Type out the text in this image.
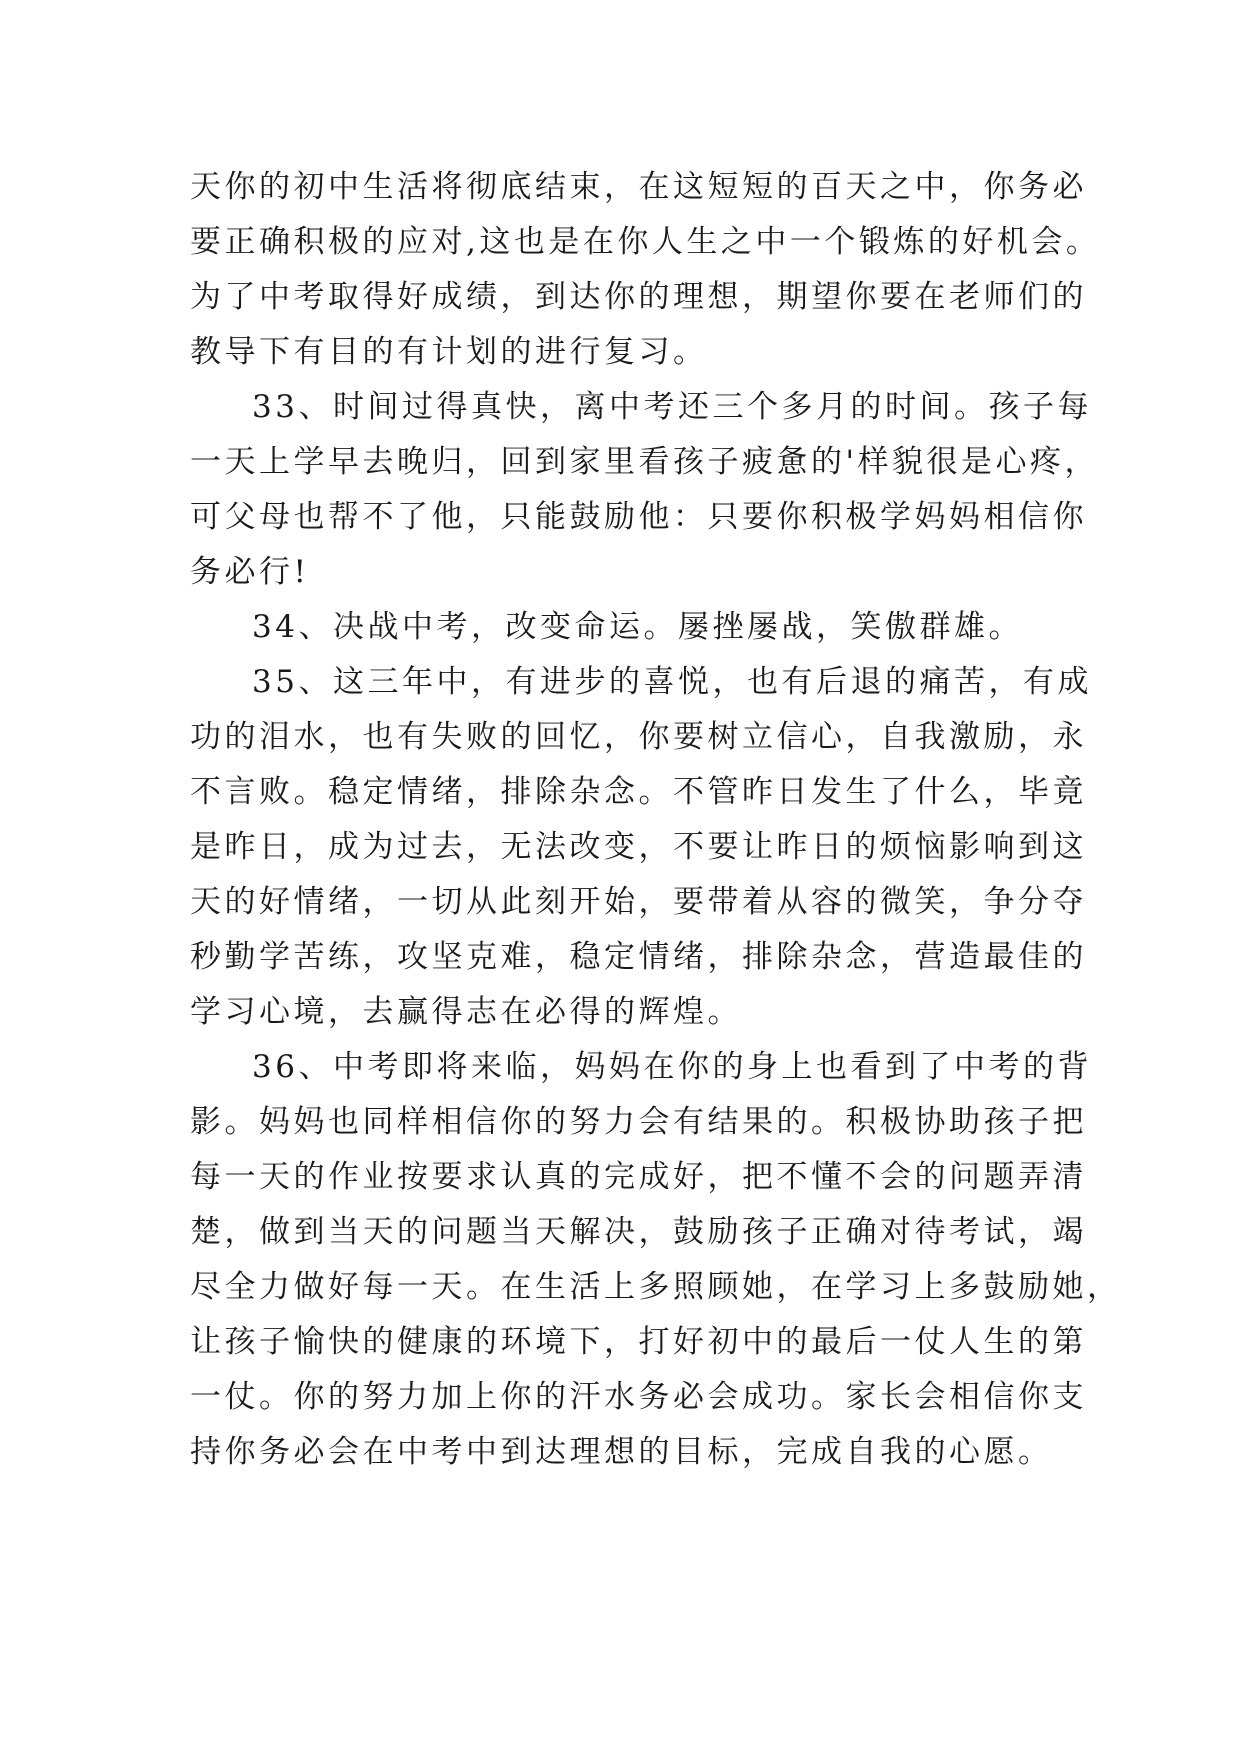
天你的初中生活将彻底结束，在这短短的百天之中，你务必
要正确积极的应对,这也是在你人生之中一个锻炼的好机会。
为了中考取得好成绩，到达你的理想，期望你要在老师们的
教导下有目的有计划的进行复习。
33、时间过得真快，离中考还三个多月的时间。孩子每
一天上学早去晚归，回到家里看孩子疲惫的'样貌很是心疼，
可父母也帮不了他，只能鼓励他：只要你积极学妈妈相信你
务必行!
34、决战中考，改变命运。屡挫屡战，笑傲群雄。
35、这三年中，有进步的喜悦，也有后退的痛苦，有成
功的泪水，也有失败的回忆，你要树立信心，自我激励，永
不言败。稳定情绪，排除杂念。不管昨日发生了什么，毕竟
是昨日，成为过去，无法改变，不要让昨日的烦恼影响到这
天的好情绪，一切从此刻开始，要带着从容的微笑，争分夺
秒勤学苦练，攻坚克难，稳定情绪，排除杂念，营造最佳的
学习心境，去赢得志在必得的辉煌。
36、中考即将来临，妈妈在你的身上也看到了中考的背
影。妈妈也同样相信你的努力会有结果的。积极协助孩子把
每一天的作业按要求认真的完成好，把不懂不会的问题弄清
楚，做到当天的问题当天解决，鼓励孩子正确对待考试，竭
尽全力做好每一天。在生活上多照顾她，在学习上多鼓励她，
让孩子愉快的健康的环境下，打好初中的最后一仗人生的第
一仗。你的努力加上你的汗水务必会成功。家长会相信你支
持你务必会在中考中到达理想的目标，完成自我的心愿。
